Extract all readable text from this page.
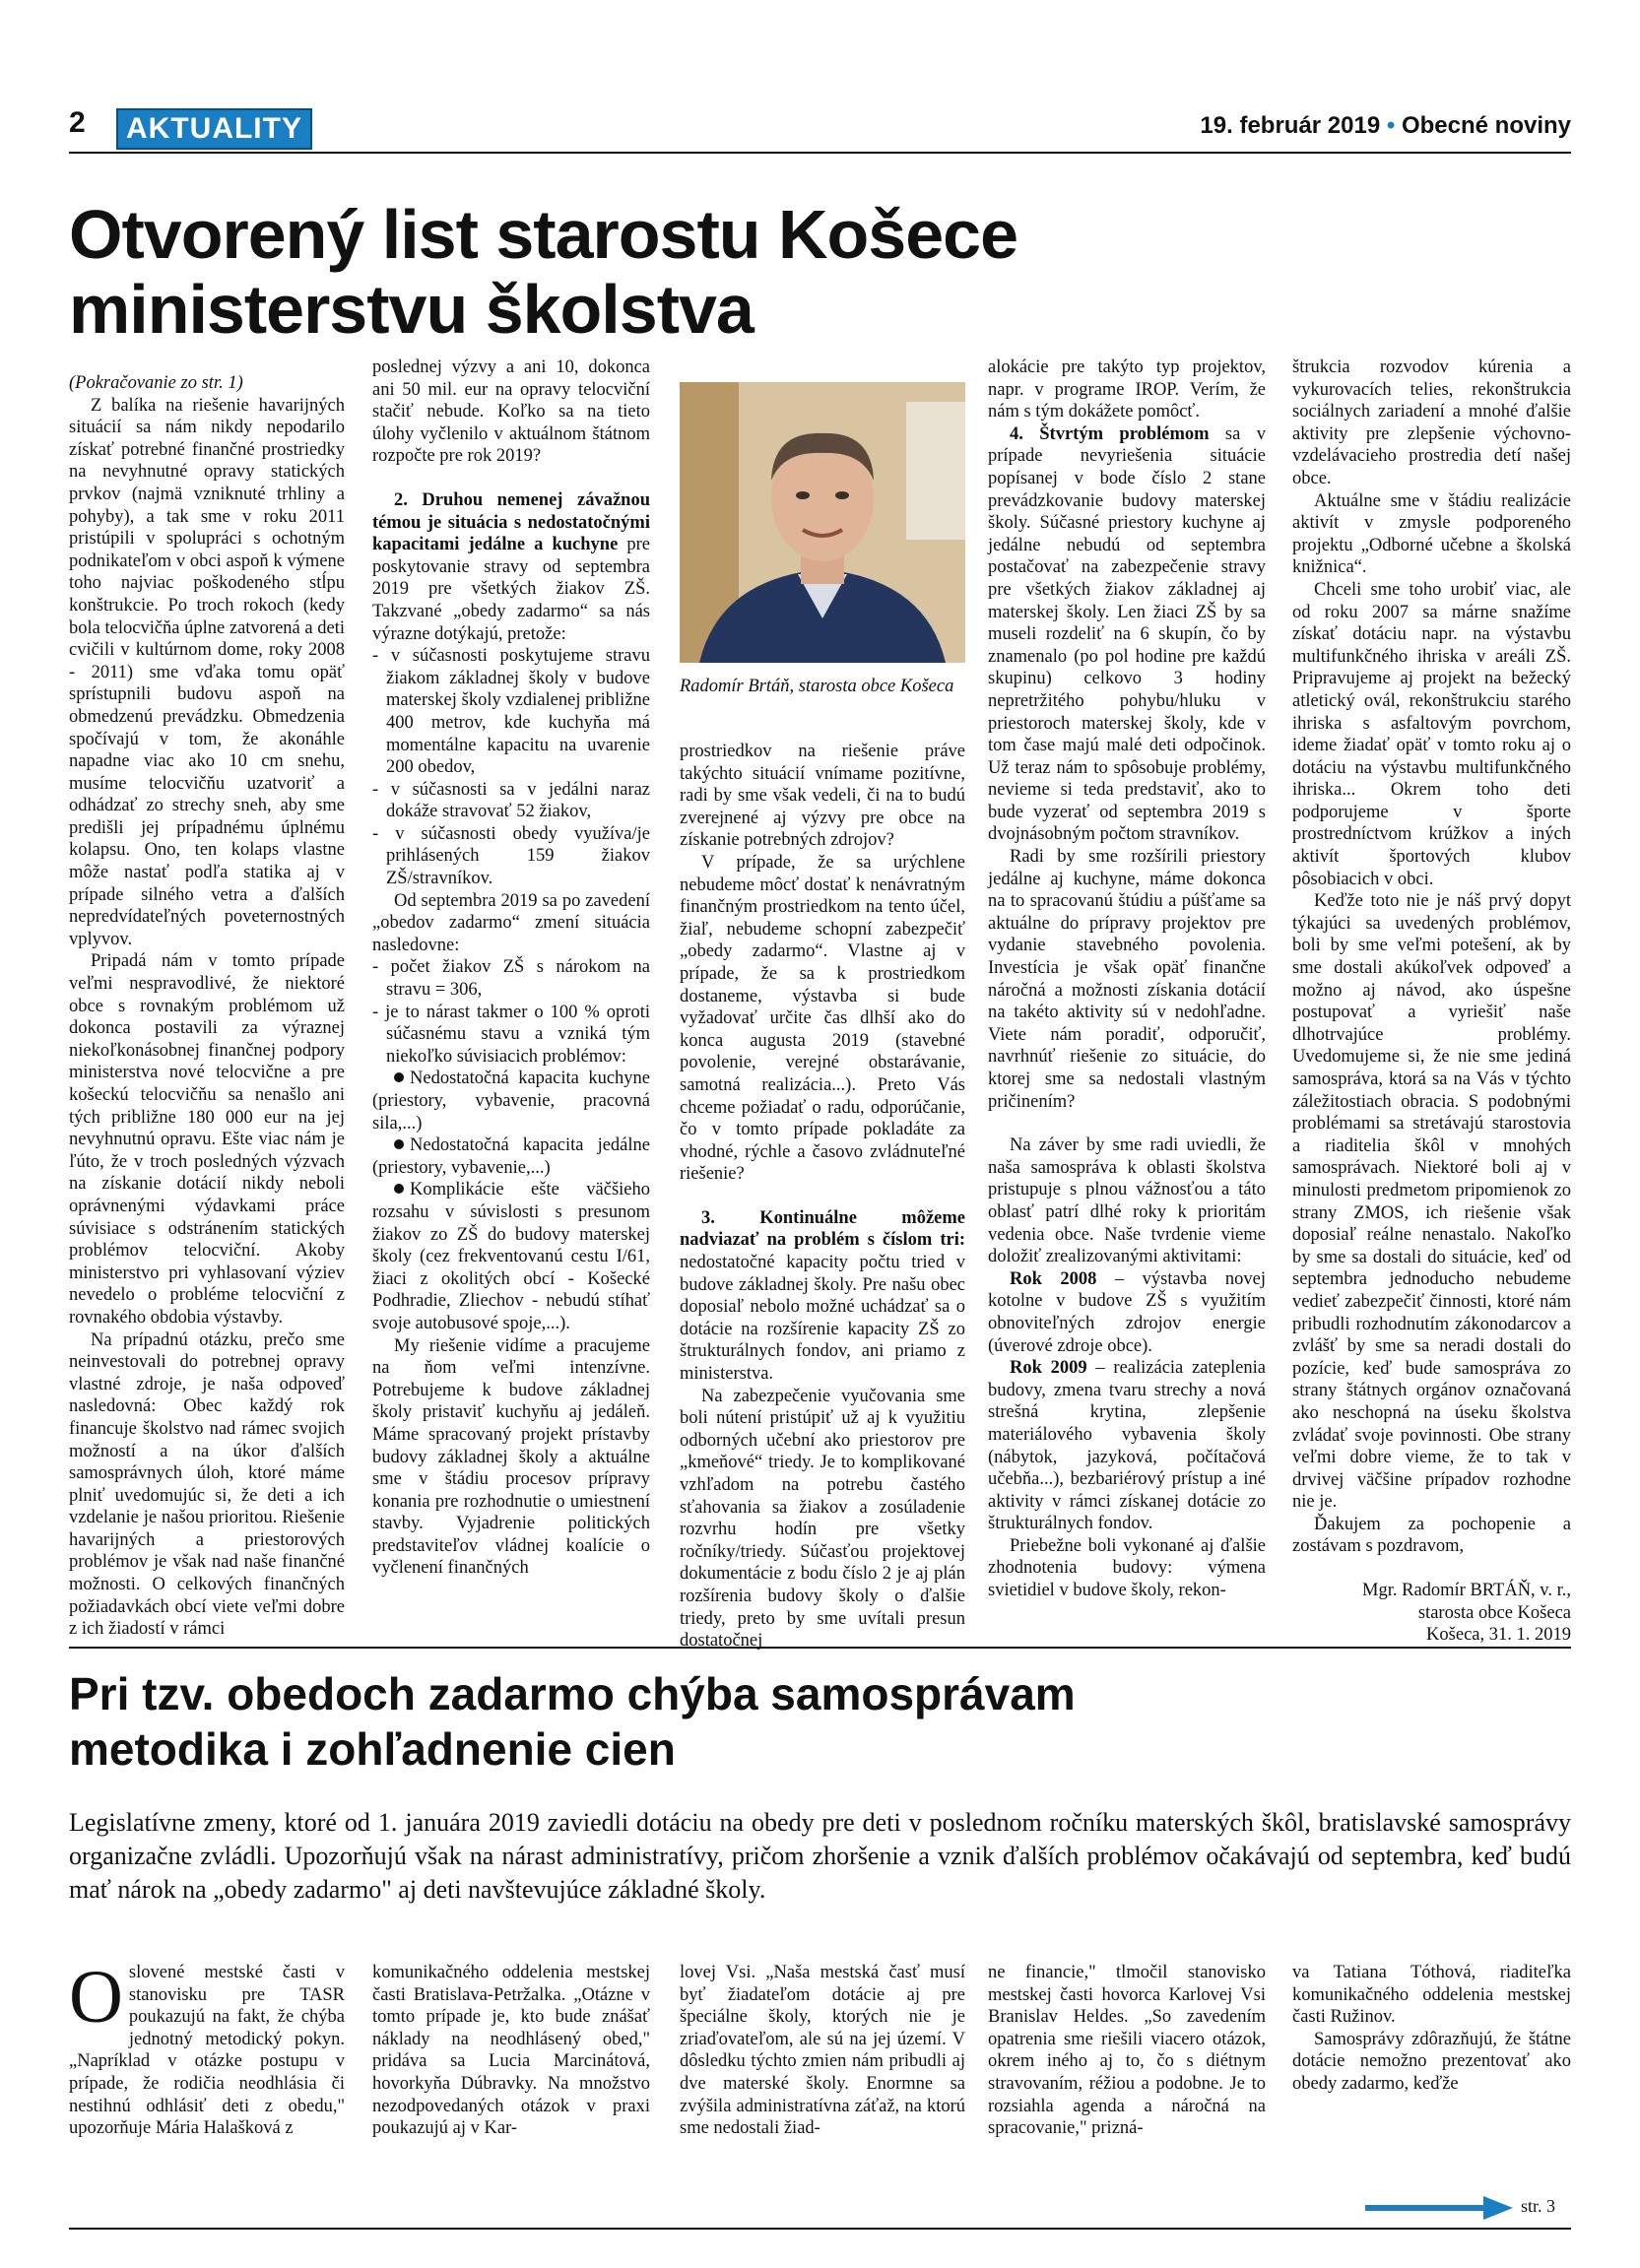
2	AKTUALITY	19. február 2019 • Obecné noviny
Otvorený list starostu Košece
ministerstvu školstva

(Pokračovanie zo str. 1)

Z balíka na riešenie havarijných situácií sa nám nikdy nepodarilo získať potrebné finančné prostriedky na nevyhnutné opravy statických prvkov (najmä vzniknuté trhliny a pohyby), a tak sme v roku 2011 pristúpili v spolupráci s ochotným podnikateľom v obci aspoň k výmene toho najviac poškodeného stĺpu konštrukcie. Po troch rokoch (kedy bola telocvičňa úplne zatvorená a deti cvičili v kultúrnom dome, roky 2008 - 2011) sme vďaka tomu opäť sprístupnili budovu aspoň na obmedzenú prevádzku. Obmedzenia spočívajú v tom, že akonáhle napadne viac ako 10 cm snehu, musíme telocvičňu uzatvoriť a odhádzať zo strechy sneh, aby sme predišli jej prípadnému úplnému kolapsu. Ono, ten kolaps vlastne môže nastať podľa statika aj v prípade silného vetra a ďalších nepredvídateľných poveternostných vplyvov.

Pripadá nám v tomto prípade veľmi nespravodlivé, že niektoré obce s rovnakým problémom už dokonca postavili za výraznej niekoľkonásobnej finančnej podpory ministerstva nové telocvične a pre košeckú telocvičňu sa nenašlo ani tých približne 180 000 eur na jej nevyhnutnú opravu. Ešte viac nám je ľúto, že v troch posledných výzvach na získanie dotácií nikdy neboli oprávnenými výdavkami práce súvisiace s odstránením statických problémov telocviční. Akoby ministerstvo pri vyhlasovaní výziev nevedelo o probléme telocviční z rovnakého obdobia výstavby.

Na prípadnú otázku, prečo sme neinvestovali do potrebnej opravy vlastné zdroje, je naša odpoveď nasledovná: Obec každý rok financuje školstvo nad rámec svojich možností a na úkor ďalších samosprávnych úloh, ktoré máme plniť uvedomujúc si, že deti a ich vzdelanie je našou prioritou. Riešenie havarijných a priestorových problémov je však nad naše finančné možnosti. O celkových finančných požiadavkách obcí viete veľmi dobre z ich žiadostí v rámci

poslednej výzvy a ani 10, dokonca ani 50 mil. eur na opravy telocviční stačiť nebude. Koľko sa na tieto úlohy vyčlenilo v aktuálnom štátnom rozpočte pre rok 2019?

2. Druhou nemenej závažnou témou je situácia s nedostatočnými kapacitami jedálne a kuchyne pre poskytovanie stravy od septembra 2019 pre všetkých žiakov ZŠ. Takzvané „obedy zadarmo“ sa nás výrazne dotýkajú, pretože:

- v súčasnosti poskytujeme stravu žiakom základnej školy v budove materskej školy vzdialenej približne 400 metrov, kde kuchyňa má momentálne kapacitu na uvarenie 200 obedov,
- v súčasnosti sa v jedálni naraz dokáže stravovať 52 žiakov,
- v súčasnosti obedy využíva/je prihlásených 159 žiakov ZŠ/stravníkov.

Od septembra 2019 sa po zavedení „obedov zadarmo“ zmení situácia nasledovne:

- počet žiakov ZŠ s nárokom na stravu = 306,
- je to nárast takmer o 100 % oproti súčasnému stavu a vzniká tým niekoľko súvisiacich problémov:

Nedostatočná kapacita kuchyne (priestory, vybavenie, pracovná sila,...)

Nedostatočná kapacita jedálne (priestory, vybavenie,...)

Komplikácie ešte väčšieho rozsahu v súvislosti s presunom žiakov zo ZŠ do budovy materskej školy (cez frekventovanú cestu I/61, žiaci z okolitých obcí - Košecké Podhradie, Zliechov - nebudú stíhať svoje autobusové spoje,...).

My riešenie vidíme a pracujeme na ňom veľmi intenzívne. Potrebujeme k budove základnej školy pristaviť kuchyňu aj jedáleň. Máme spracovaný projekt prístavby budovy základnej školy a aktuálne sme v štádiu procesov prípravy konania pre rozhodnutie o umiestnení stavby. Vyjadrenie politických predstaviteľov vládnej koalície o vyčlenení finančných

Radomír Brtáň, starosta obce Košeca

prostriedkov na riešenie práve takýchto situácií vnímame pozitívne, radi by sme však vedeli, či na to budú zverejnené aj výzvy pre obce na získanie potrebných zdrojov?

V prípade, že sa urýchlene nebudeme môcť dostať k nenávratným finančným prostriedkom na tento účel, žiaľ, nebudeme schopní zabezpečiť „obedy zadarmo“. Vlastne aj v prípade, že sa k prostriedkom dostaneme, výstavba si bude vyžadovať určite čas dlhší ako do konca augusta 2019 (stavebné povolenie, verejné obstarávanie, samotná realizácia...). Preto Vás chceme požiadať o radu, odporúčanie, čo v tomto prípade pokladáte za vhodné, rýchle a časovo zvládnuteľné riešenie?

3. Kontinuálne môžeme nadviazať na problém s číslom tri: nedostatočné kapacity počtu tried v budove základnej školy. Pre našu obec doposiaľ nebolo možné uchádzať sa o dotácie na rozšírenie kapacity ZŠ zo štrukturálnych fondov, ani priamo z ministerstva.

Na zabezpečenie vyučovania sme boli nútení pristúpiť už aj k využitiu odborných učební ako priestorov pre „kmeňové“ triedy. Je to komplikované vzhľadom na potrebu častého sťahovania sa žiakov a zosúladenie rozvrhu hodín pre všetky ročníky/triedy. Súčasťou projektovej dokumentácie z bodu číslo 2 je aj plán rozšírenia budovy školy o ďalšie triedy, preto by sme uvítali presun dostatočnej

alokácie pre takýto typ projektov, napr. v programe IROP. Verím, že nám s tým dokážete pomôcť.

4. Štvrtým problémom sa v prípade nevyriešenia situácie popísanej v bode číslo 2 stane prevádzkovanie budovy materskej školy. Súčasné priestory kuchyne aj jedálne nebudú od septembra postačovať na zabezpečenie stravy pre všetkých žiakov základnej aj materskej školy. Len žiaci ZŠ by sa museli rozdeliť na 6 skupín, čo by znamenalo (po pol hodine pre každú skupinu) celkovo 3 hodiny nepretržitého pohybu/hluku v priestoroch materskej školy, kde v tom čase majú malé deti odpočinok. Už teraz nám to spôsobuje problémy, nevieme si teda predstaviť, ako to bude vyzerať od septembra 2019 s dvojnásobným počtom stravníkov.

Radi by sme rozšírili priestory jedálne aj kuchyne, máme dokonca na to spracovanú štúdiu a púšťame sa aktuálne do prípravy projektov pre vydanie stavebného povolenia. Investícia je však opäť finančne náročná a možnosti získania dotácií na takéto aktivity sú v nedohľadne. Viete nám poradiť, odporučiť, navrhnúť riešenie zo situácie, do ktorej sme sa nedostali vlastným pričinením?

Na záver by sme radi uviedli, že naša samospráva k oblasti školstva pristupuje s plnou vážnosťou a táto oblasť patrí dlhé roky k prioritám vedenia obce. Naše tvrdenie vieme doložiť zrealizovanými aktivitami:

Rok 2008 – výstavba novej kotolne v budove ZŠ s využitím obnoviteľných zdrojov energie (úverové zdroje obce).

Rok 2009 – realizácia zateplenia budovy, zmena tvaru strechy a nová strešná krytina, zlepšenie materiálového vybavenia školy (nábytok, jazyková, počítačová učebňa...), bezbariérový prístup a iné aktivity v rámci získanej dotácie zo štrukturálnych fondov.

Priebežne boli vykonané aj ďalšie zhodnotenia budovy: výmena svietidiel v budove školy, rekon-

štrukcia rozvodov kúrenia a vykurovacích telies, rekonštrukcia sociálnych zariadení a mnohé ďalšie aktivity pre zlepšenie výchovno-vzdelávacieho prostredia detí našej obce.

Aktuálne sme v štádiu realizácie aktivít v zmysle podporeného projektu „Odborné učebne a školská knižnica“.

Chceli sme toho urobiť viac, ale od roku 2007 sa márne snažíme získať dotáciu napr. na výstavbu multifunkčného ihriska v areáli ZŠ. Pripravujeme aj projekt na bežecký atletický ovál, rekonštrukciu starého ihriska s asfaltovým povrchom, ideme žiadať opäť v tomto roku aj o dotáciu na výstavbu multifunkčného ihriska... Okrem toho deti podporujeme v športe prostredníctvom krúžkov a iných aktivít športových klubov pôsobiacich v obci.

Keďže toto nie je náš prvý dopyt týkajúci sa uvedených problémov, boli by sme veľmi potešení, ak by sme dostali akúkoľvek odpoveď a možno aj návod, ako úspešne postupovať a vyriešiť naše dlhotrvajúce problémy. Uvedomujeme si, že nie sme jediná samospráva, ktorá sa na Vás v týchto záležitostiach obracia. S podobnými problémami sa stretávajú starostovia a riaditelia škôl v mnohých samosprávach. Niektoré boli aj v minulosti predmetom pripomienok zo strany ZMOS, ich riešenie však doposiaľ reálne nenastalo. Nakoľko by sme sa dostali do situácie, keď od septembra jednoducho nebudeme vedieť zabezpečiť činnosti, ktoré nám pribudli rozhodnutím zákonodarcov a zvlášť by sme sa neradi dostali do pozície, keď bude samospráva zo strany štátnych orgánov označovaná ako neschopná na úseku školstva zvládať svoje povinnosti. Obe strany veľmi dobre vieme, že to tak v drvivej väčšine prípadov rozhodne nie je.

Ďakujem za pochopenie a zostávam s pozdravom,

Mgr. Radomír BRTÁŇ, v. r.,

starosta obce Košeca

Košeca, 31. 1. 2019

Pri tzv. obedoch zadarmo chýba samosprávam
metodika i zohľadnenie cien
Legislatívne zmeny, ktoré od 1. januára 2019 zaviedli dotáciu na obedy pre deti v poslednom ročníku materských škôl, bratislavské samosprávy organizačne zvládli. Upozorňujú však na nárast administratívy, pričom zhoršenie a vznik ďalších problémov očakávajú od septembra, keď budú mať nárok na „obedy zadarmo" aj deti navštevujúce základné školy.
Oslovené mestské časti v stanovisku pre TASR poukazujú na fakt, že chýba jednotný metodický pokyn. „Napríklad v otázke postupu v prípade, že rodičia neodhlásia či nestihnú odhlásiť deti z obedu," upozorňuje Mária Halašková z
komunikačného oddelenia mestskej časti Bratislava-Petržalka. „Otázne v tomto prípade je, kto bude znášať náklady na neodhlásený obed," pridáva sa Lucia Marcinátová, hovorkyňa Dúbravky. Na množstvo nezodpovedaných otázok v praxi poukazujú aj v Kar-
lovej Vsi. „Naša mestská časť musí byť žiadateľom dotácie aj pre špeciálne školy, ktorých nie je zriaďovateľom, ale sú na jej území. V dôsledku týchto zmien nám pribudli aj dve materské školy. Enormne sa zvýšila administratívna záťaž, na ktorú sme nedostali žiad-
ne financie," tlmočil stanovisko mestskej časti hovorca Karlovej Vsi Branislav Heldes. „So zavedením opatrenia sme riešili viacero otázok, okrem iného aj to, čo s diétnym stravovaním, réžiou a podobne. Je to rozsiahla agenda a náročná na spracovanie," prizná-

va Tatiana Tóthová, riaditeľka komunikačného oddelenia mestskej časti Ružinov.

Samosprávy zdôrazňujú, že štátne dotácie nemožno prezentovať ako obedy zadarmo, keďže

str. 3
